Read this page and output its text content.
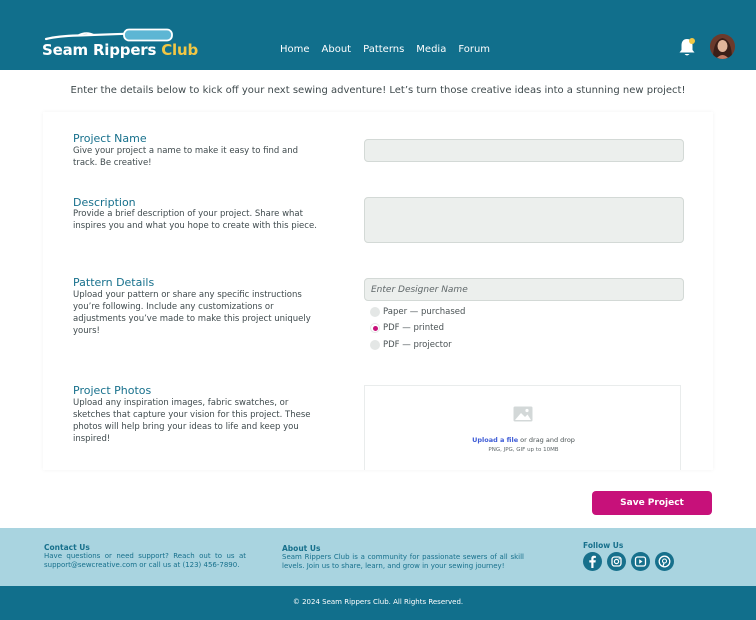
Seam Rippers Club	Home About Patterns Media Forum
Enter the details below to kick off your next sewing adventure! Let’s turn those creative ideas into a stunning new project!
Project Name
Give your project a name to make it easy to find and track. Be creative!
Description
Provide a brief description of your project. Share what inspires you and what you hope to create with this piece.
Pattern Details
Upload your pattern or share any specific instructions you’re following. Include any customizations or adjustments you’ve made to make this project uniquely yours!
Enter Designer Name
Paper — purchased
PDF — printed
PDF — projector
Project Photos
Upload any inspiration images, fabric swatches, or sketches that capture your vision for this project. These photos will help bring your ideas to life and keep you inspired!	Upload a file or drag and drop
PNG, JPG, GIF up to 10MB
Save Project
Contact Us
Have questions or need support? Reach out to us at support@sewcreative.com or call us at (123) 456-7890.
About Us
Seam Rippers Club is a community for passionate sewers of all skill levels. Join us to share, learn, and grow in your sewing journey!
Follow Us
© 2024 Seam Rippers Club. All Rights Reserved.
